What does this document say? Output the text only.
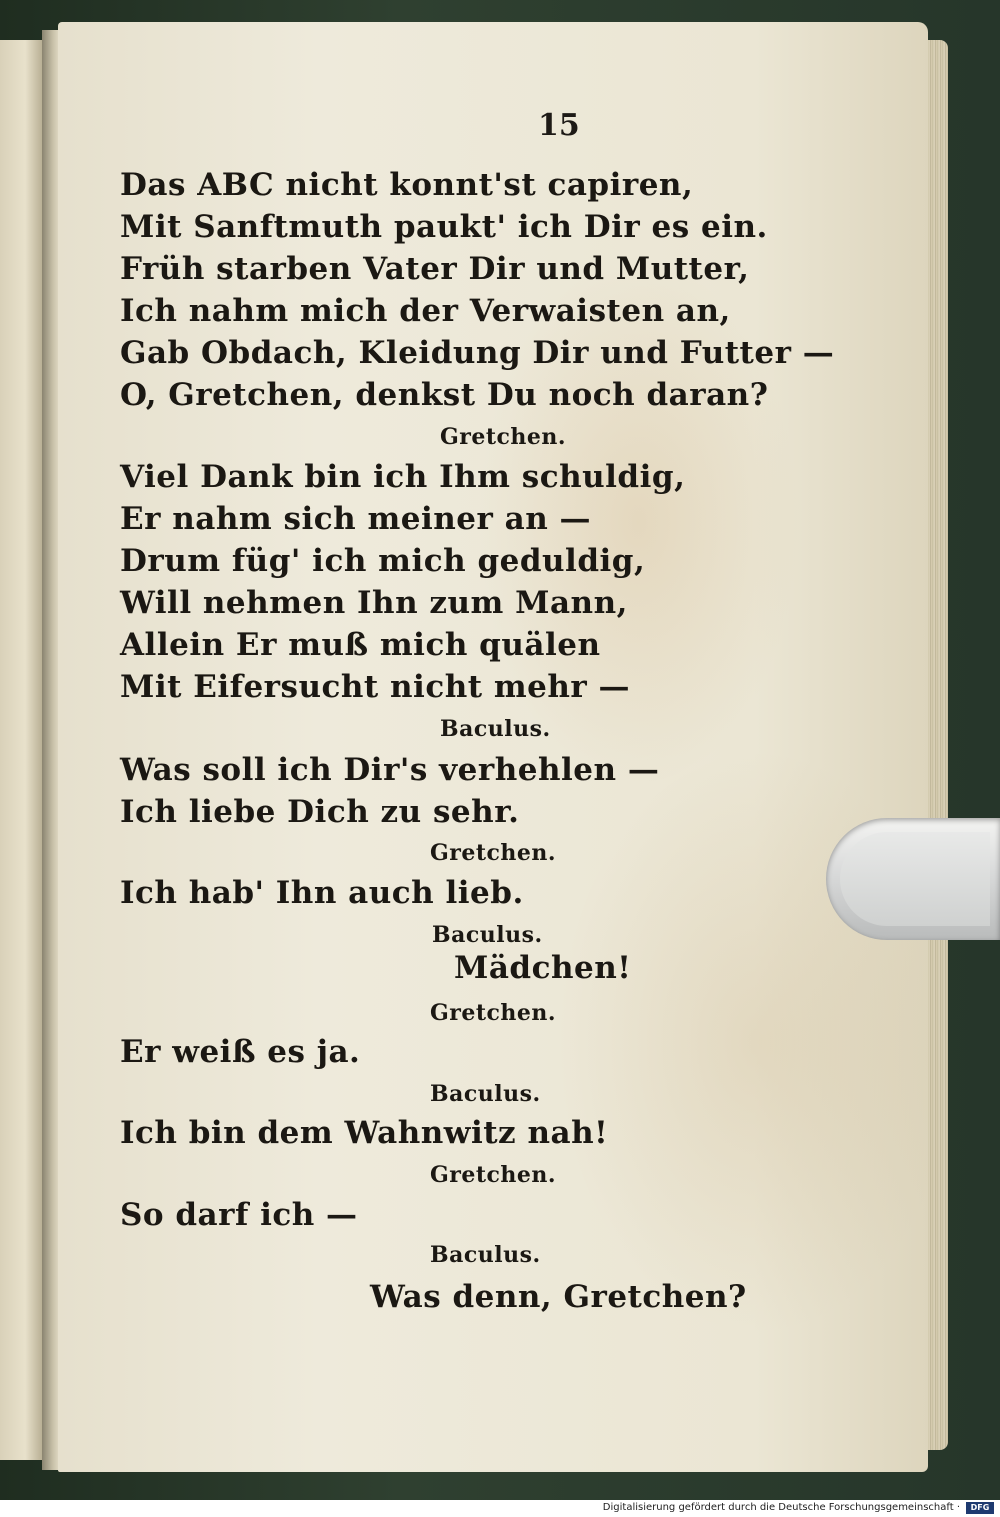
15
Das ABC nicht konnt'st capiren,
Mit Sanftmuth paukt' ich Dir es ein.
Früh starben Vater Dir und Mutter,
Ich nahm mich der Verwaisten an,
Gab Obdach, Kleidung Dir und Futter —
O, Gretchen, denkst Du noch daran?
Gretchen.
Viel Dank bin ich Ihm schuldig,
Er nahm sich meiner an —
Drum füg' ich mich geduldig,
Will nehmen Ihn zum Mann,
Allein Er muß mich quälen
Mit Eifersucht nicht mehr —
Baculus.
Was soll ich Dir's verhehlen —
Ich liebe Dich zu sehr.
Gretchen.
Ich hab' Ihn auch lieb.
Baculus.
Mädchen!
Gretchen.
Er weiß es ja.
Baculus.
Ich bin dem Wahnwitz nah!
Gretchen.
So darf ich —
Baculus.
Was denn, Gretchen?
Digitalisierung gefördert durch die Deutsche Forschungsgemeinschaft ·	DFG
